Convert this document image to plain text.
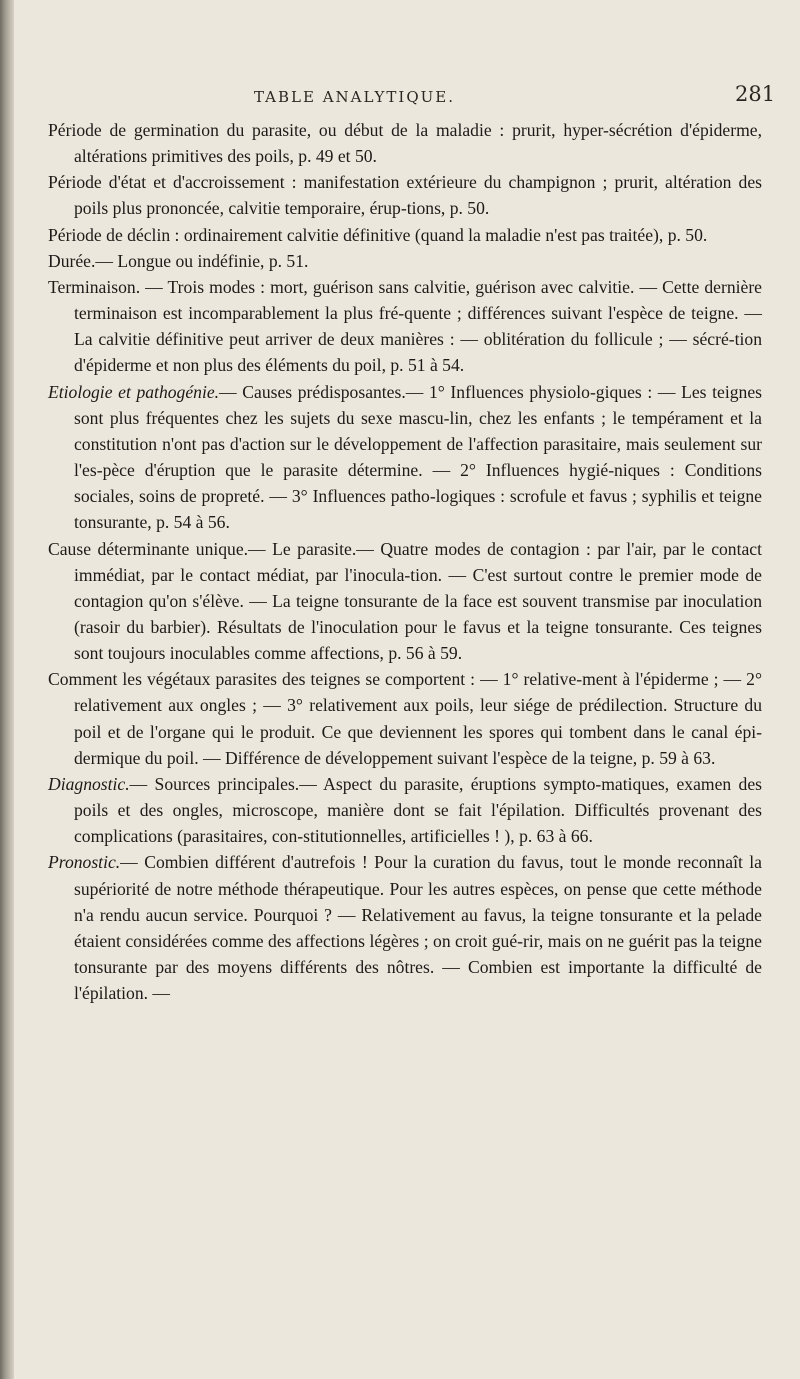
TABLE ANALYTIQUE.	281

Période de germination du parasite, ou début de la maladie : prurit, hyper-sécrétion d'épiderme, altérations primitives des poils, p. 49 et 50.

Période d'état et d'accroissement : manifestation extérieure du champignon ; prurit, altération des poils plus prononcée, calvitie temporaire, érup-tions, p. 50.

Période de déclin : ordinairement calvitie définitive (quand la maladie n'est pas traitée), p. 50.

Durée.— Longue ou indéfinie, p. 51.

Terminaison. — Trois modes : mort, guérison sans calvitie, guérison avec calvitie. — Cette dernière terminaison est incomparablement la plus fré-quente ; différences suivant l'espèce de teigne. — La calvitie définitive peut arriver de deux manières : — oblitération du follicule ; — sécré-tion d'épiderme et non plus des éléments du poil, p. 51 à 54.

Etiologie et pathogénie.— Causes prédisposantes.— 1° Influences physiolo-giques : — Les teignes sont plus fréquentes chez les sujets du sexe mascu-lin, chez les enfants ; le tempérament et la constitution n'ont pas d'action sur le développement de l'affection parasitaire, mais seulement sur l'es-pèce d'éruption que le parasite détermine. — 2° Influences hygié-niques : Conditions sociales, soins de propreté. — 3° Influences patho-logiques : scrofule et favus ; syphilis et teigne tonsurante, p. 54 à 56.

Cause déterminante unique.— Le parasite.— Quatre modes de contagion : par l'air, par le contact immédiat, par le contact médiat, par l'inocula-tion. — C'est surtout contre le premier mode de contagion qu'on s'élève. — La teigne tonsurante de la face est souvent transmise par inoculation (rasoir du barbier). Résultats de l'inoculation pour le favus et la teigne tonsurante. Ces teignes sont toujours inoculables comme affections, p. 56 à 59.

Comment les végétaux parasites des teignes se comportent : — 1° relative-ment à l'épiderme ; — 2° relativement aux ongles ; — 3° relativement aux poils, leur siége de prédilection. Structure du poil et de l'organe qui le produit. Ce que deviennent les spores qui tombent dans le canal épi-dermique du poil. — Différence de développement suivant l'espèce de la teigne, p. 59 à 63.

Diagnostic.— Sources principales.— Aspect du parasite, éruptions sympto-matiques, examen des poils et des ongles, microscope, manière dont se fait l'épilation. Difficultés provenant des complications (parasitaires, con-stitutionnelles, artificielles ! ), p. 63 à 66.

Pronostic.— Combien différent d'autrefois ! Pour la curation du favus, tout le monde reconnaît la supériorité de notre méthode thérapeutique. Pour les autres espèces, on pense que cette méthode n'a rendu aucun service. Pourquoi ? — Relativement au favus, la teigne tonsurante et la pelade étaient considérées comme des affections légères ; on croit gué-rir, mais on ne guérit pas la teigne tonsurante par des moyens différents des nôtres. — Combien est importante la difficulté de l'épilation. —
